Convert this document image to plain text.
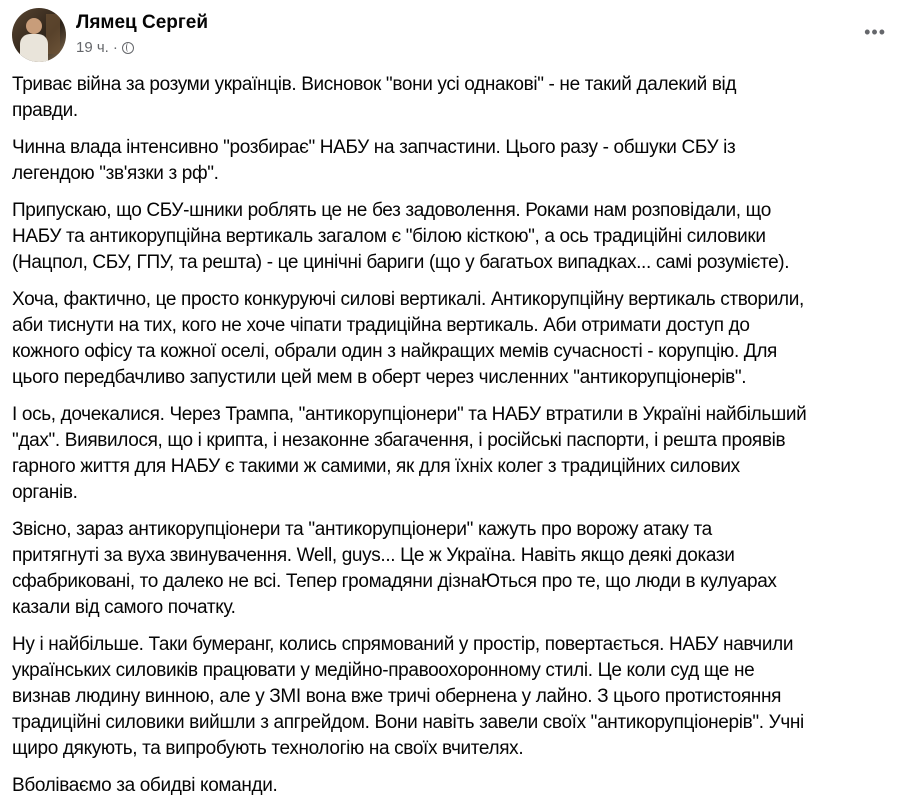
Лямец Сергей
19 ч. ·
•••
Триває війна за розуми українців. Висновок "вони усі однакові" - не такий далекий від
правди.
Чинна влада інтенсивно "розбирає" НАБУ на запчастини. Цього разу - обшуки СБУ із
легендою "зв'язки з рф".
Припускаю, що СБУ-шники роблять це не без задоволення. Роками нам розповідали, що
НАБУ та антикорупційна вертикаль загалом є "білою кісткою", а ось традиційні силовики
(Нацпол, СБУ, ГПУ, та решта) - це цинічні бариги (що у багатьох випадках... самі розумієте).
Хоча, фактично, це просто конкуруючі силові вертикалі. Антикорупційну вертикаль створили,
аби тиснути на тих, кого не хоче чіпати традиційна вертикаль. Аби отримати доступ до
кожного офісу та кожної оселі, обрали один з найкращих мемів сучасності - корупцію. Для
цього передбачливо запустили цей мем в оберт через численних "антикорупціонерів".
І ось, дочекалися. Через Трампа, "антикорупціонери" та НАБУ втратили в Україні найбільший
"дах". Виявилося, що і крипта, і незаконне збагачення, і російські паспорти, і решта проявів
гарного життя для НАБУ є такими ж самими, як для їхніх колег з традиційних силових
органів.
Звісно, зараз антикорупціонери та "антикорупціонери" кажуть про ворожу атаку та
притягнуті за вуха звинувачення. Well, guys... Це ж Україна. Навіть якщо деякі докази
сфабриковані, то далеко не всі. Тепер громадяни дізнаЮться про те, що люди в кулуарах
казали від самого початку.
Ну і найбільше. Таки бумеранг, колись спрямований у простір, повертається. НАБУ навчили
українських силовиків працювати у медійно-правоохоронному стилі. Це коли суд ще не
визнав людину винною, але у ЗМІ вона вже тричі обернена у лайно. З цього протистояння
традиційні силовики вийшли з апгрейдом. Вони навіть завели своїх "антикорупціонерів". Учні
щиро дякують, та випробують технологію на своїх вчителях.
Вболіваємо за обидві команди.
